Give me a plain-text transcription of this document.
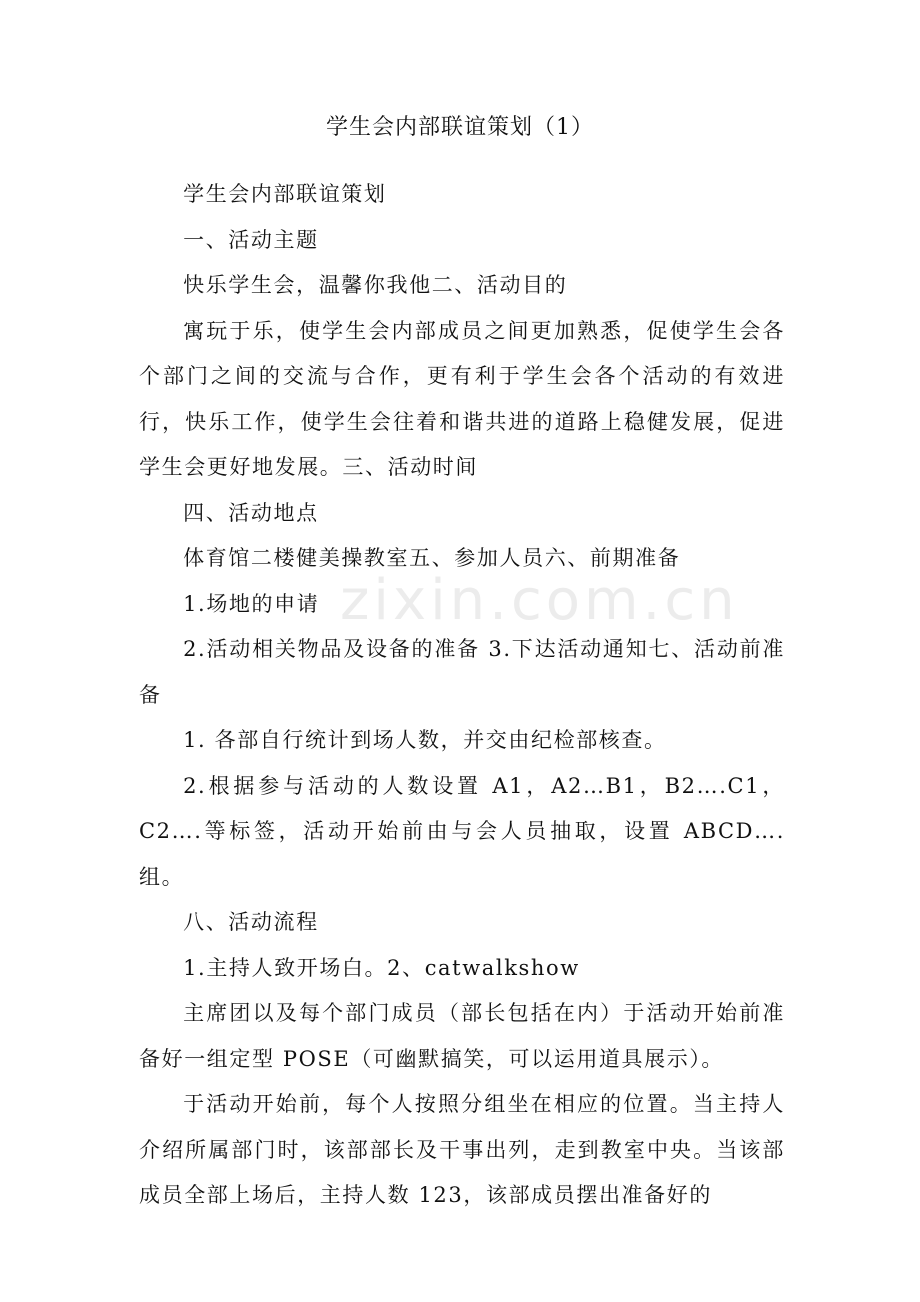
学生会内部联谊策划（1）
zixin.com.cn

学生会内部联谊策划

一、活动主题

快乐学生会，温馨你我他二、活动目的

寓玩于乐，使学生会内部成员之间更加熟悉，促使学生会各个部门之间的交流与合作，更有利于学生会各个活动的有效进行，快乐工作，使学生会往着和谐共进的道路上稳健发展，促进学生会更好地发展。三、活动时间

四、活动地点

体育馆二楼健美操教室五、参加人员六、前期准备

1.场地的申请

2.活动相关物品及设备的准备 3.下达活动通知七、活动前准备

1. 各部自行统计到场人数，并交由纪检部核查。

2.根据参与活动的人数设置 A1，A2…B1，B2….C1，C2….等标签，活动开始前由与会人员抽取，设置 ABCD….组。

八、活动流程

1.主持人致开场白。2、catwalkshow

主席团以及每个部门成员（部长包括在内）于活动开始前准备好一组定型 POSE（可幽默搞笑，可以运用道具展示）。

于活动开始前，每个人按照分组坐在相应的位置。当主持人介绍所属部门时，该部部长及干事出列，走到教室中央。当该部成员全部上场后，主持人数 123，该部成员摆出准备好的
